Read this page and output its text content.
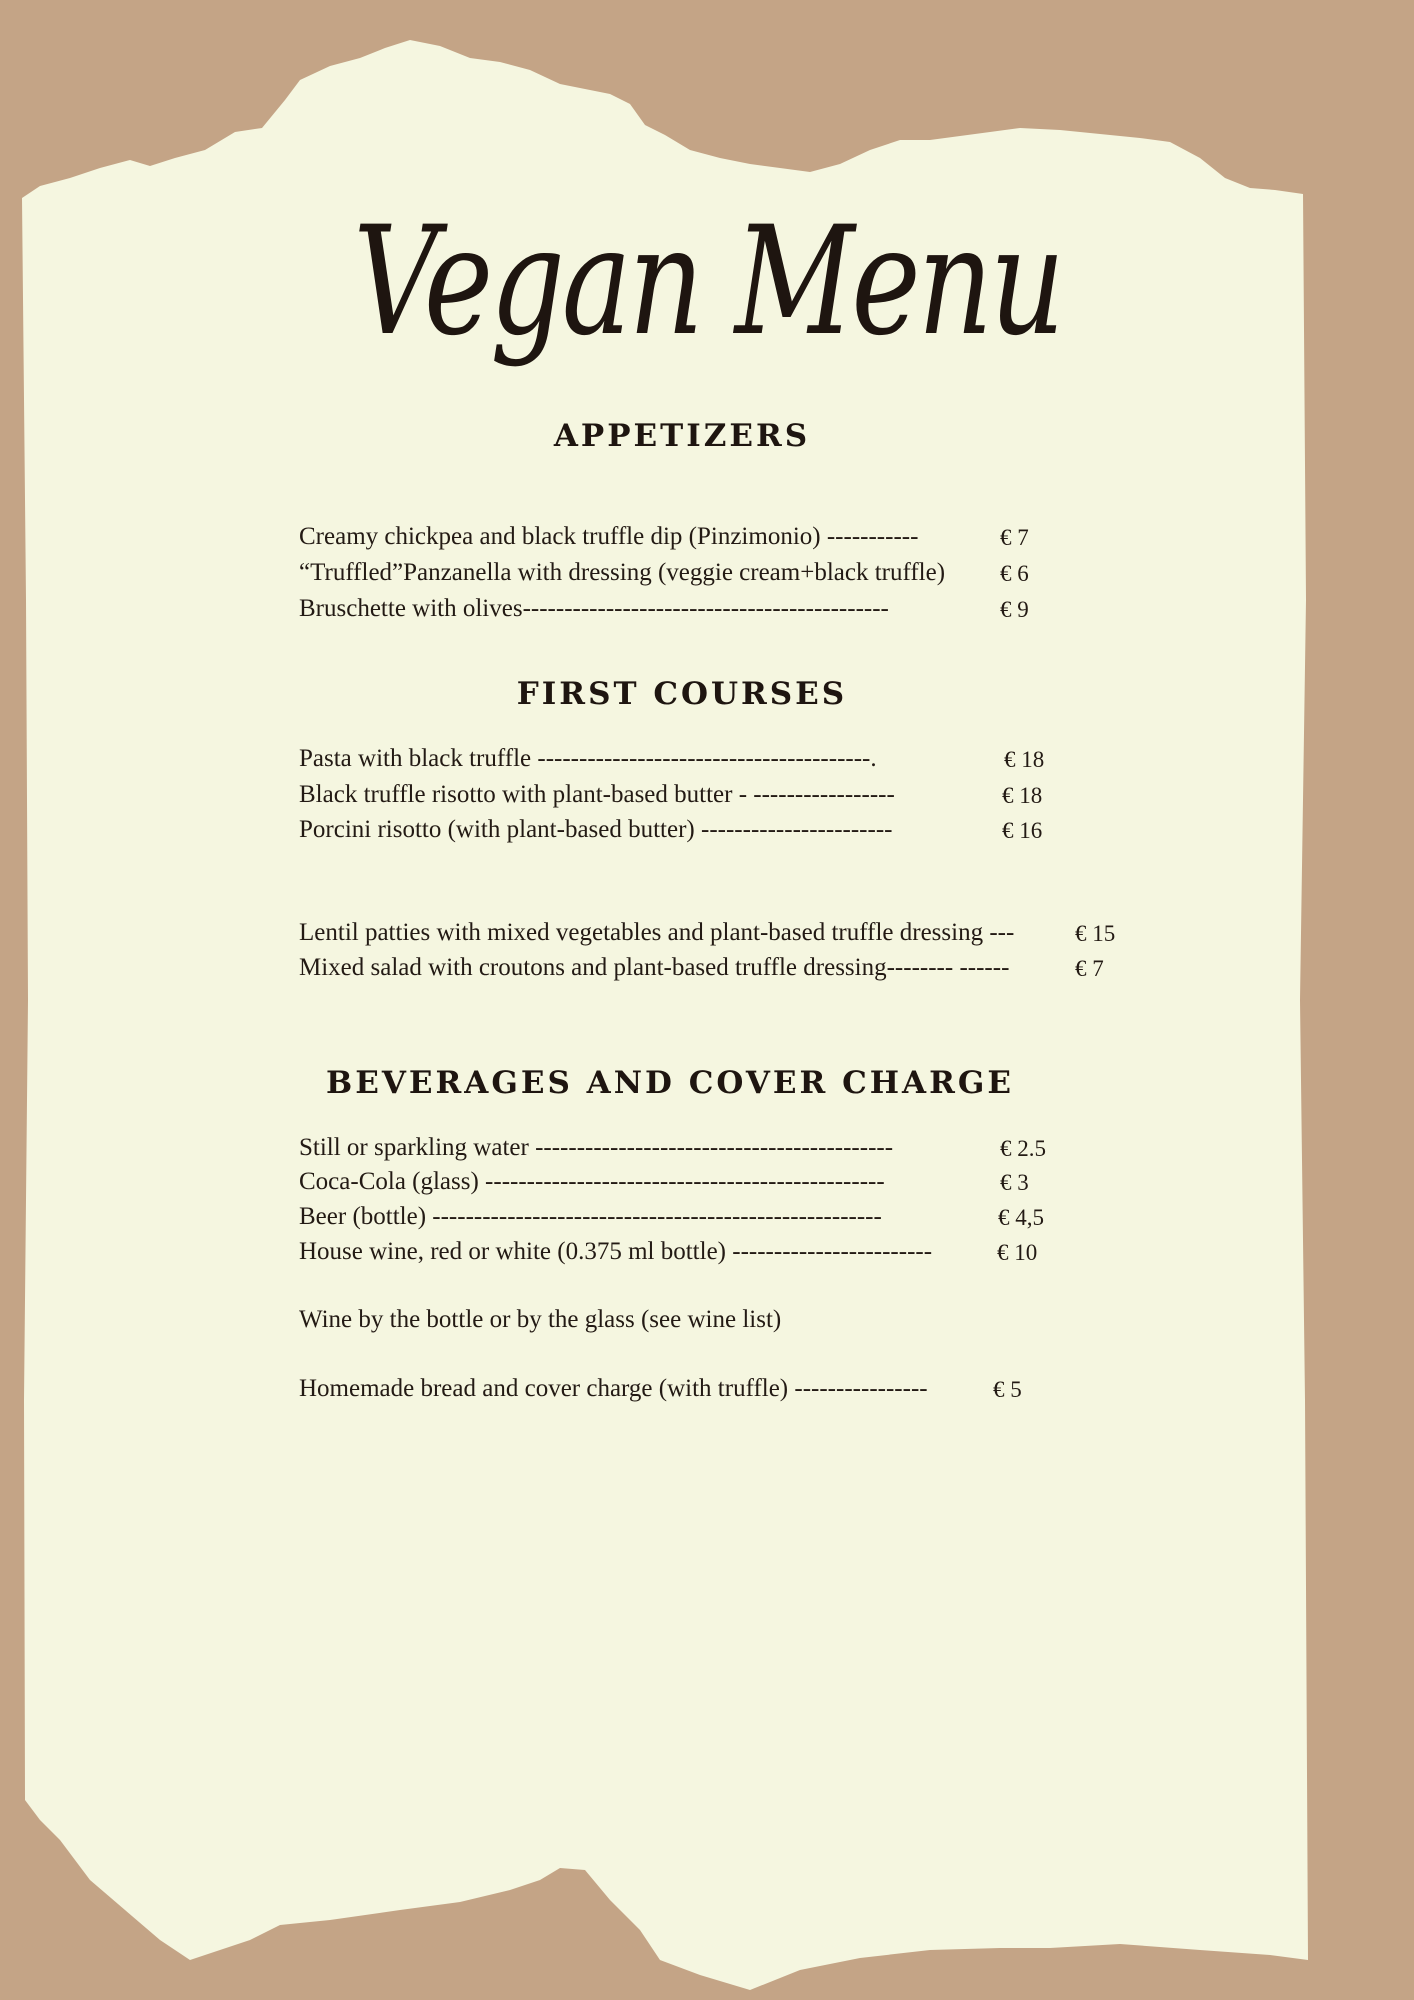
Vegan Menu
APPETIZERS
Creamy chickpea and black truffle dip (Pinzimonio) -----------	€ 7
“Truffled”Panzanella with dressing (veggie cream+black truffle) € 6
Bruschette with olives--------------------------------------------	€ 9
FIRST COURSES
Pasta with black truffle ----------------------------------------.	€ 18
Black truffle risotto with plant-based butter - -----------------	€ 18
Porcini risotto (with plant-based butter) -----------------------	€ 16
Lentil patties with mixed vegetables and plant-based truffle dressing ---	€ 15
Mixed salad with croutons and plant-based truffle dressing-------- ------	€ 7
BEVERAGES AND COVER CHARGE
Still or sparkling water -------------------------------------------	€ 2.5
Coca-Cola (glass) ------------------------------------------------	€ 3
Beer (bottle) ------------------------------------------------------	€ 4,5
House wine, red or white (0.375 ml bottle) ------------------------	€ 10
Wine by the bottle or by the glass (see wine list)
Homemade bread and cover charge (with truffle) ----------------	€ 5
